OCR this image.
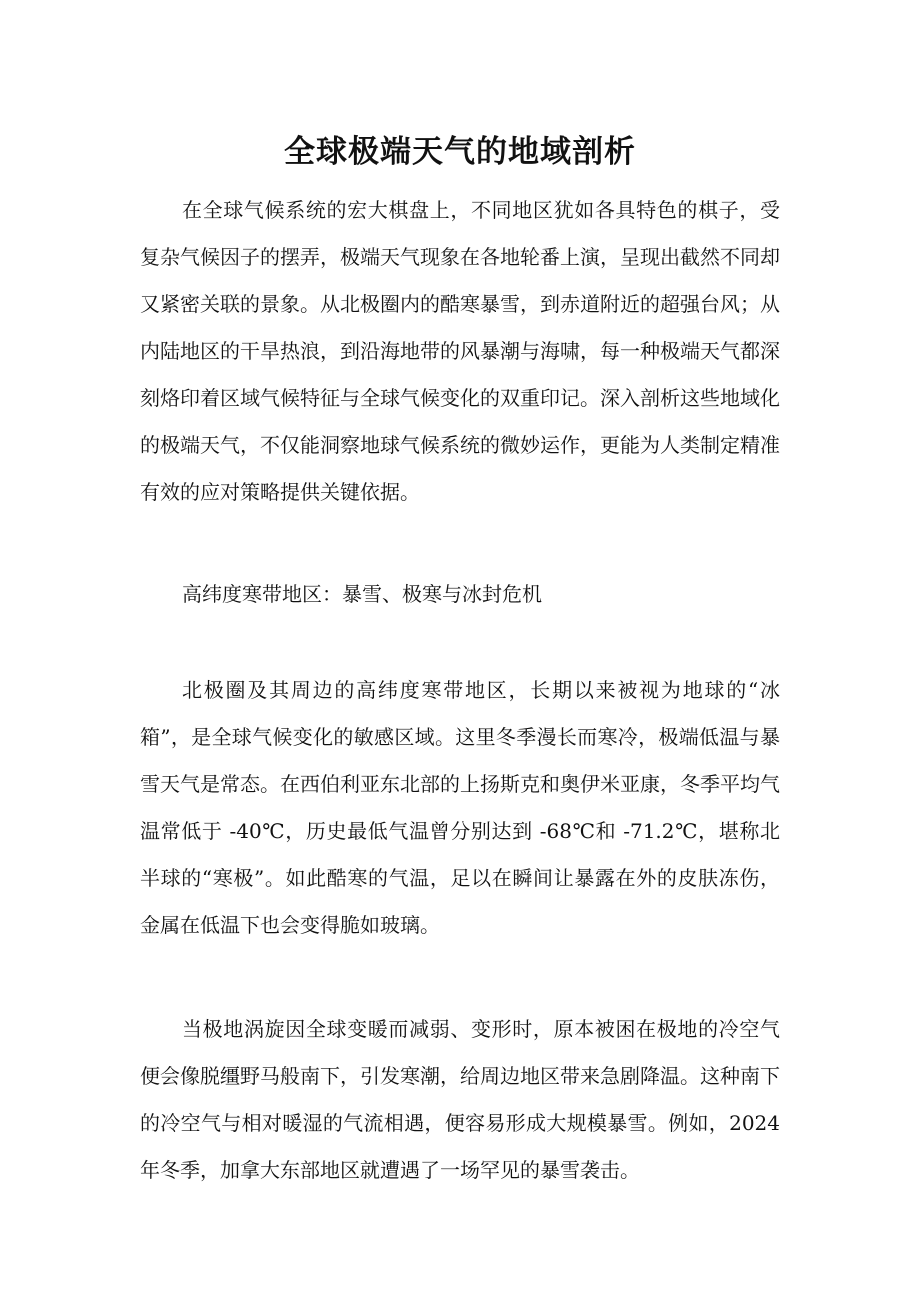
全球极端天气的地域剖析

在全球气候系统的宏大棋盘上，不同地区犹如各具特色的棋子，受复杂气候因子的摆弄，极端天气现象在各地轮番上演，呈现出截然不同却又紧密关联的景象。从北极圈内的酷寒暴雪，到赤道附近的超强台风；从内陆地区的干旱热浪，到沿海地带的风暴潮与海啸，每一种极端天气都深刻烙印着区域气候特征与全球气候变化的双重印记。深入剖析这些地域化的极端天气，不仅能洞察地球气候系统的微妙运作，更能为人类制定精准有效的应对策略提供关键依据。

高纬度寒带地区：暴雪、极寒与冰封危机

北极圈及其周边的高纬度寒带地区，长期以来被视为地球的“冰箱”，是全球气候变化的敏感区域。这里冬季漫长而寒冷，极端低温与暴雪天气是常态。在西伯利亚东北部的上扬斯克和奥伊米亚康，冬季平均气温常低于 -40℃，历史最低气温曾分别达到 -68℃和 -71.2℃，堪称北半球的“寒极”。如此酷寒的气温，足以在瞬间让暴露在外的皮肤冻伤，金属在低温下也会变得脆如玻璃。

当极地涡旋因全球变暖而减弱、变形时，原本被困在极地的冷空气便会像脱缰野马般南下，引发寒潮，给周边地区带来急剧降温。这种南下的冷空气与相对暖湿的气流相遇，便容易形成大规模暴雪。例如，2024 年冬季，加拿大东部地区就遭遇了一场罕见的暴雪袭击。
